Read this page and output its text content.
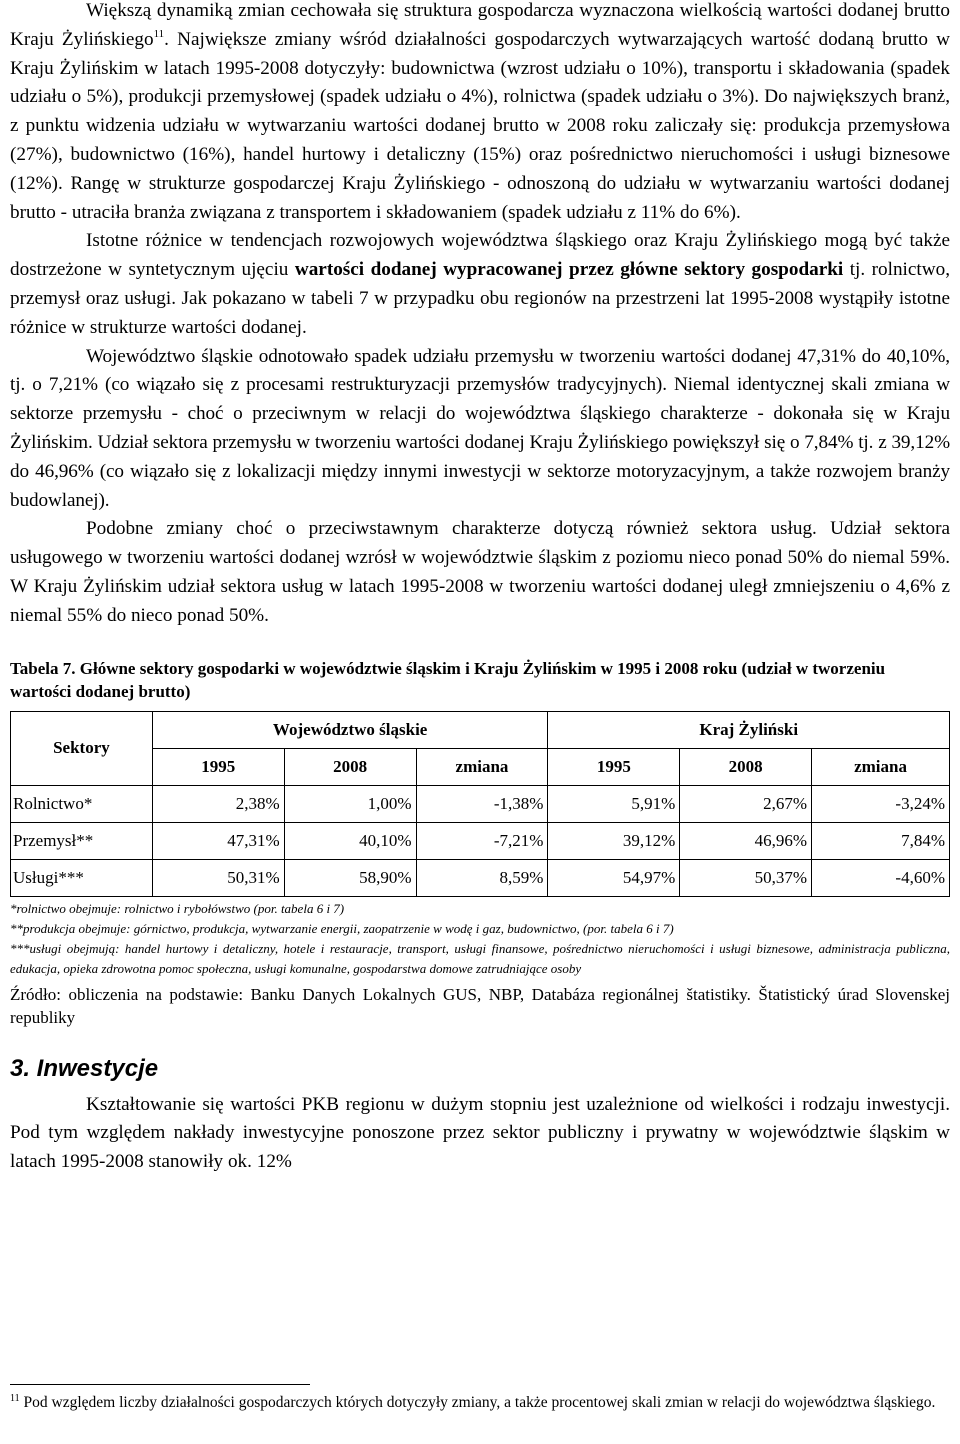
Większą dynamiką zmian cechowała się struktura gospodarcza wyznaczona wielkością wartości dodanej brutto Kraju Żylińskiego$^{11}$. Największe zmiany wśród działalności gospodarczych wytwarzających wartość dodaną brutto w Kraju Żylińskim w latach 1995-2008 dotyczyły: budownictwa (wzrost udziału o 10%), transportu i składowania (spadek udziału o 5%), produkcji przemysłowej (spadek udziału o 4%), rolnictwa (spadek udziału o 3%). Do największych branż, z punktu widzenia udziału w wytwarzaniu wartości dodanej brutto w 2008 roku zaliczały się: produkcja przemysłowa (27%), budownictwo (16%), handel hurtowy i detaliczny (15%) oraz pośrednictwo nieruchomości i usługi biznesowe (12%). Rangę w strukturze gospodarczej Kraju Żylińskiego - odnoszoną do udziału w wytwarzaniu wartości dodanej brutto - utraciła branża związana z transportem i składowaniem (spadek udziału z 11% do 6%).

Istotne różnice w tendencjach rozwojowych województwa śląskiego oraz Kraju Żylińskiego mogą być także dostrzeżone w syntetycznym ujęciu wartości dodanej wypracowanej przez główne sektory gospodarki tj. rolnictwo, przemysł oraz usługi. Jak pokazano w tabeli 7 w przypadku obu regionów na przestrzeni lat 1995-2008 wystąpiły istotne różnice w strukturze wartości dodanej.

Województwo śląskie odnotowało spadek udziału przemysłu w tworzeniu wartości dodanej 47,31% do 40,10%, tj. o 7,21% (co wiązało się z procesami restrukturyzacji przemysłów tradycyjnych). Niemal identycznej skali zmiana w sektorze przemysłu - choć o przeciwnym w relacji do województwa śląskiego charakterze - dokonała się w Kraju Żylińskim. Udział sektora przemysłu w tworzeniu wartości dodanej Kraju Żylińskiego powiększył się o 7,84% tj. z 39,12% do 46,96% (co wiązało się z lokalizacji między innymi inwestycji w sektorze motoryzacyjnym, a także rozwojem branży budowlanej).

Podobne zmiany choć o przeciwstawnym charakterze dotyczą również sektora usług. Udział sektora usługowego w tworzeniu wartości dodanej wzrósł w województwie śląskim z poziomu nieco ponad 50% do niemal 59%. W Kraju Żylińskim udział sektora usług w latach 1995-2008 w tworzeniu wartości dodanej uległ zmniejszeniu o 4,6% z niemal 55% do nieco ponad 50%.

Tabela 7. Główne sektory gospodarki w województwie śląskim i Kraju Żylińskim w 1995 i 2008 roku (udział w tworzeniu wartości dodanej brutto)
Sektory	Województwo śląskie			Kraj Żyliński		
	1995	2008	zmiana	1995	2008	zmiana
Rolnictwo*	2,38%	1,00%	-1,38%	5,91%	2,67%	-3,24%
Przemysł**	47,31%	40,10%	-7,21%	39,12%	46,96%	7,84%
Usługi***	50,31%	58,90%	8,59%	54,97%	50,37%	-4,60%
*rolnictwo obejmuje: rolnictwo i rybołówstwo (por. tabela 6 i 7)
**produkcja obejmuje: górnictwo, produkcja, wytwarzanie energii, zaopatrzenie w wodę i gaz, budownictwo, (por. tabela 6 i 7)
***usługi obejmują: handel hurtowy i detaliczny, hotele i restauracje, transport, usługi finansowe, pośrednictwo nieruchomości i usługi biznesowe, administracja publiczna, edukacja, opieka zdrowotna pomoc społeczna, usługi komunalne, gospodarstwa domowe zatrudniające osoby
Źródło: obliczenia na podstawie: Banku Danych Lokalnych GUS, NBP, Databáza regionálnej štatistiky. Štatistický úrad Slovenskej republiky
3. Inwestycje

Kształtowanie się wartości PKB regionu w dużym stopniu jest uzależnione od wielkości i rodzaju inwestycji. Pod tym względem nakłady inwestycyjne ponoszone przez sektor publiczny i prywatny w województwie śląskim w latach 1995-2008 stanowiły ok. 12%

$^{11}$ Pod względem liczby działalności gospodarczych których dotyczyły zmiany, a także procentowej skali zmian w relacji do województwa śląskiego.
